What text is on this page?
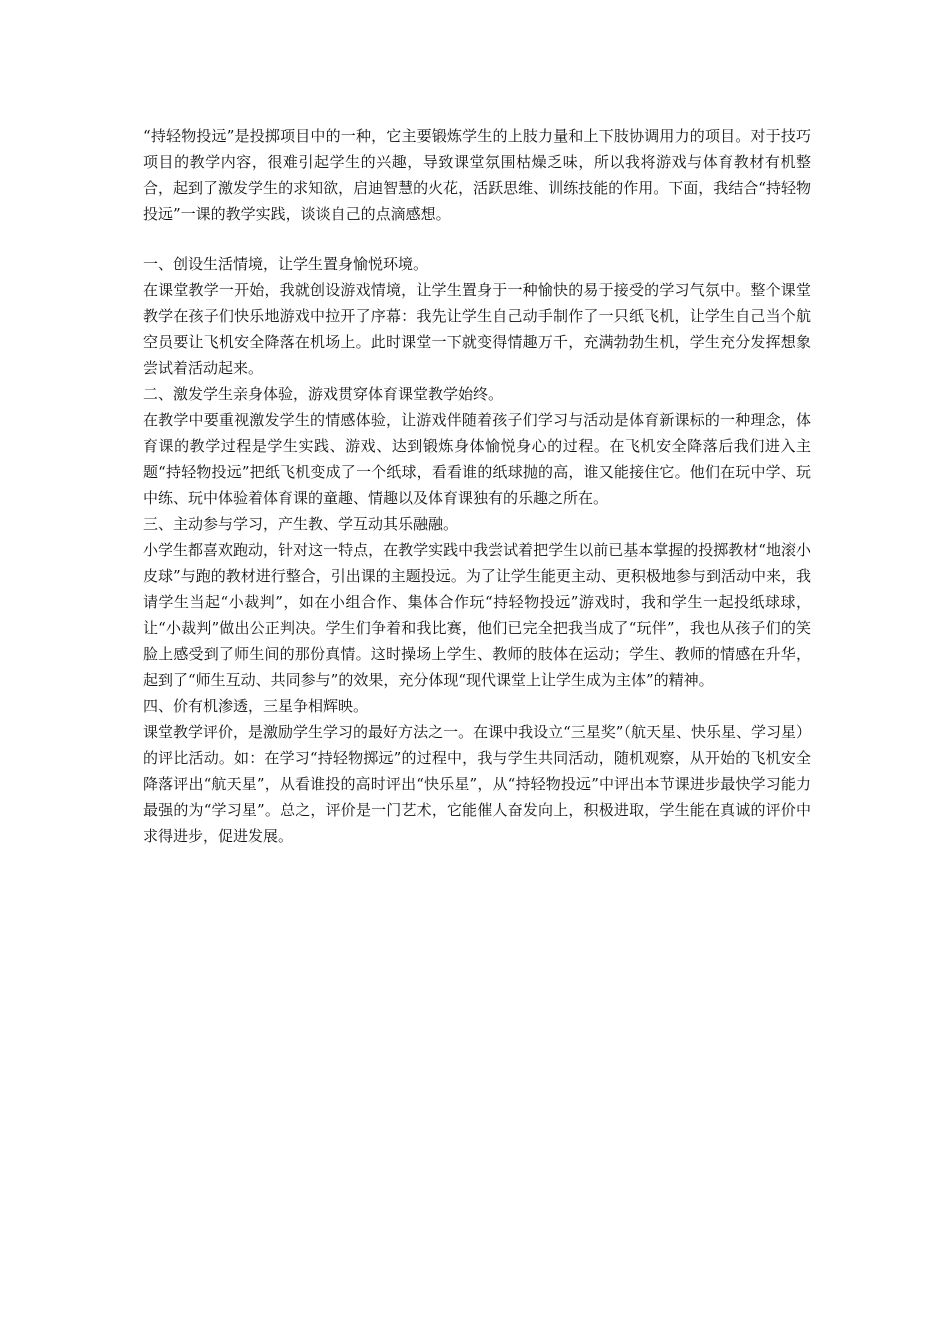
“持轻物投远”是投掷项目中的一种，它主要锻炼学生的上肢力量和上下肢协调用力的项目。对于技巧项目的教学内容，很难引起学生的兴趣，导致课堂氛围枯燥乏味，所以我将游戏与体育教材有机整合，起到了激发学生的求知欲，启迪智慧的火花，活跃思维、训练技能的作用。下面，我结合“持轻物投远”一课的教学实践，谈谈自己的点滴感想。

一、创设生活情境，让学生置身愉悦环境。

在课堂教学一开始，我就创设游戏情境，让学生置身于一种愉快的易于接受的学习气氛中。整个课堂教学在孩子们快乐地游戏中拉开了序幕：我先让学生自己动手制作了一只纸飞机，让学生自己当个航空员要让飞机安全降落在机场上。此时课堂一下就变得情趣万千，充满勃勃生机，学生充分发挥想象尝试着活动起来。

二、激发学生亲身体验，游戏贯穿体育课堂教学始终。

在教学中要重视激发学生的情感体验，让游戏伴随着孩子们学习与活动是体育新课标的一种理念，体育课的教学过程是学生实践、游戏、达到锻炼身体愉悦身心的过程。在飞机安全降落后我们进入主题“持轻物投远”把纸飞机变成了一个纸球，看看谁的纸球抛的高，谁又能接住它。他们在玩中学、玩中练、玩中体验着体育课的童趣、情趣以及体育课独有的乐趣之所在。

三、主动参与学习，产生教、学互动其乐融融。

小学生都喜欢跑动，针对这一特点，在教学实践中我尝试着把学生以前已基本掌握的投掷教材“地滚小皮球”与跑的教材进行整合，引出课的主题投远。为了让学生能更主动、更积极地参与到活动中来，我请学生当起“小裁判”，如在小组合作、集体合作玩“持轻物投远”游戏时，我和学生一起投纸球球，让“小裁判”做出公正判决。学生们争着和我比赛，他们已完全把我当成了“玩伴”，我也从孩子们的笑脸上感受到了师生间的那份真情。这时操场上学生、教师的肢体在运动；学生、教师的情感在升华，起到了“师生互动、共同参与”的效果，充分体现“现代课堂上让学生成为主体”的精神。

四、价有机渗透，三星争相辉映。

课堂教学评价，是激励学生学习的最好方法之一。在课中我设立“三星奖”（航天星、快乐星、学习星）的评比活动。如：在学习“持轻物掷远”的过程中，我与学生共同活动，随机观察，从开始的飞机安全降落评出“航天星”，从看谁投的高时评出“快乐星”，从“持轻物投远”中评出本节课进步最快学习能力最强的为“学习星”。总之，评价是一门艺术，它能催人奋发向上，积极进取，学生能在真诚的评价中求得进步，促进发展。
